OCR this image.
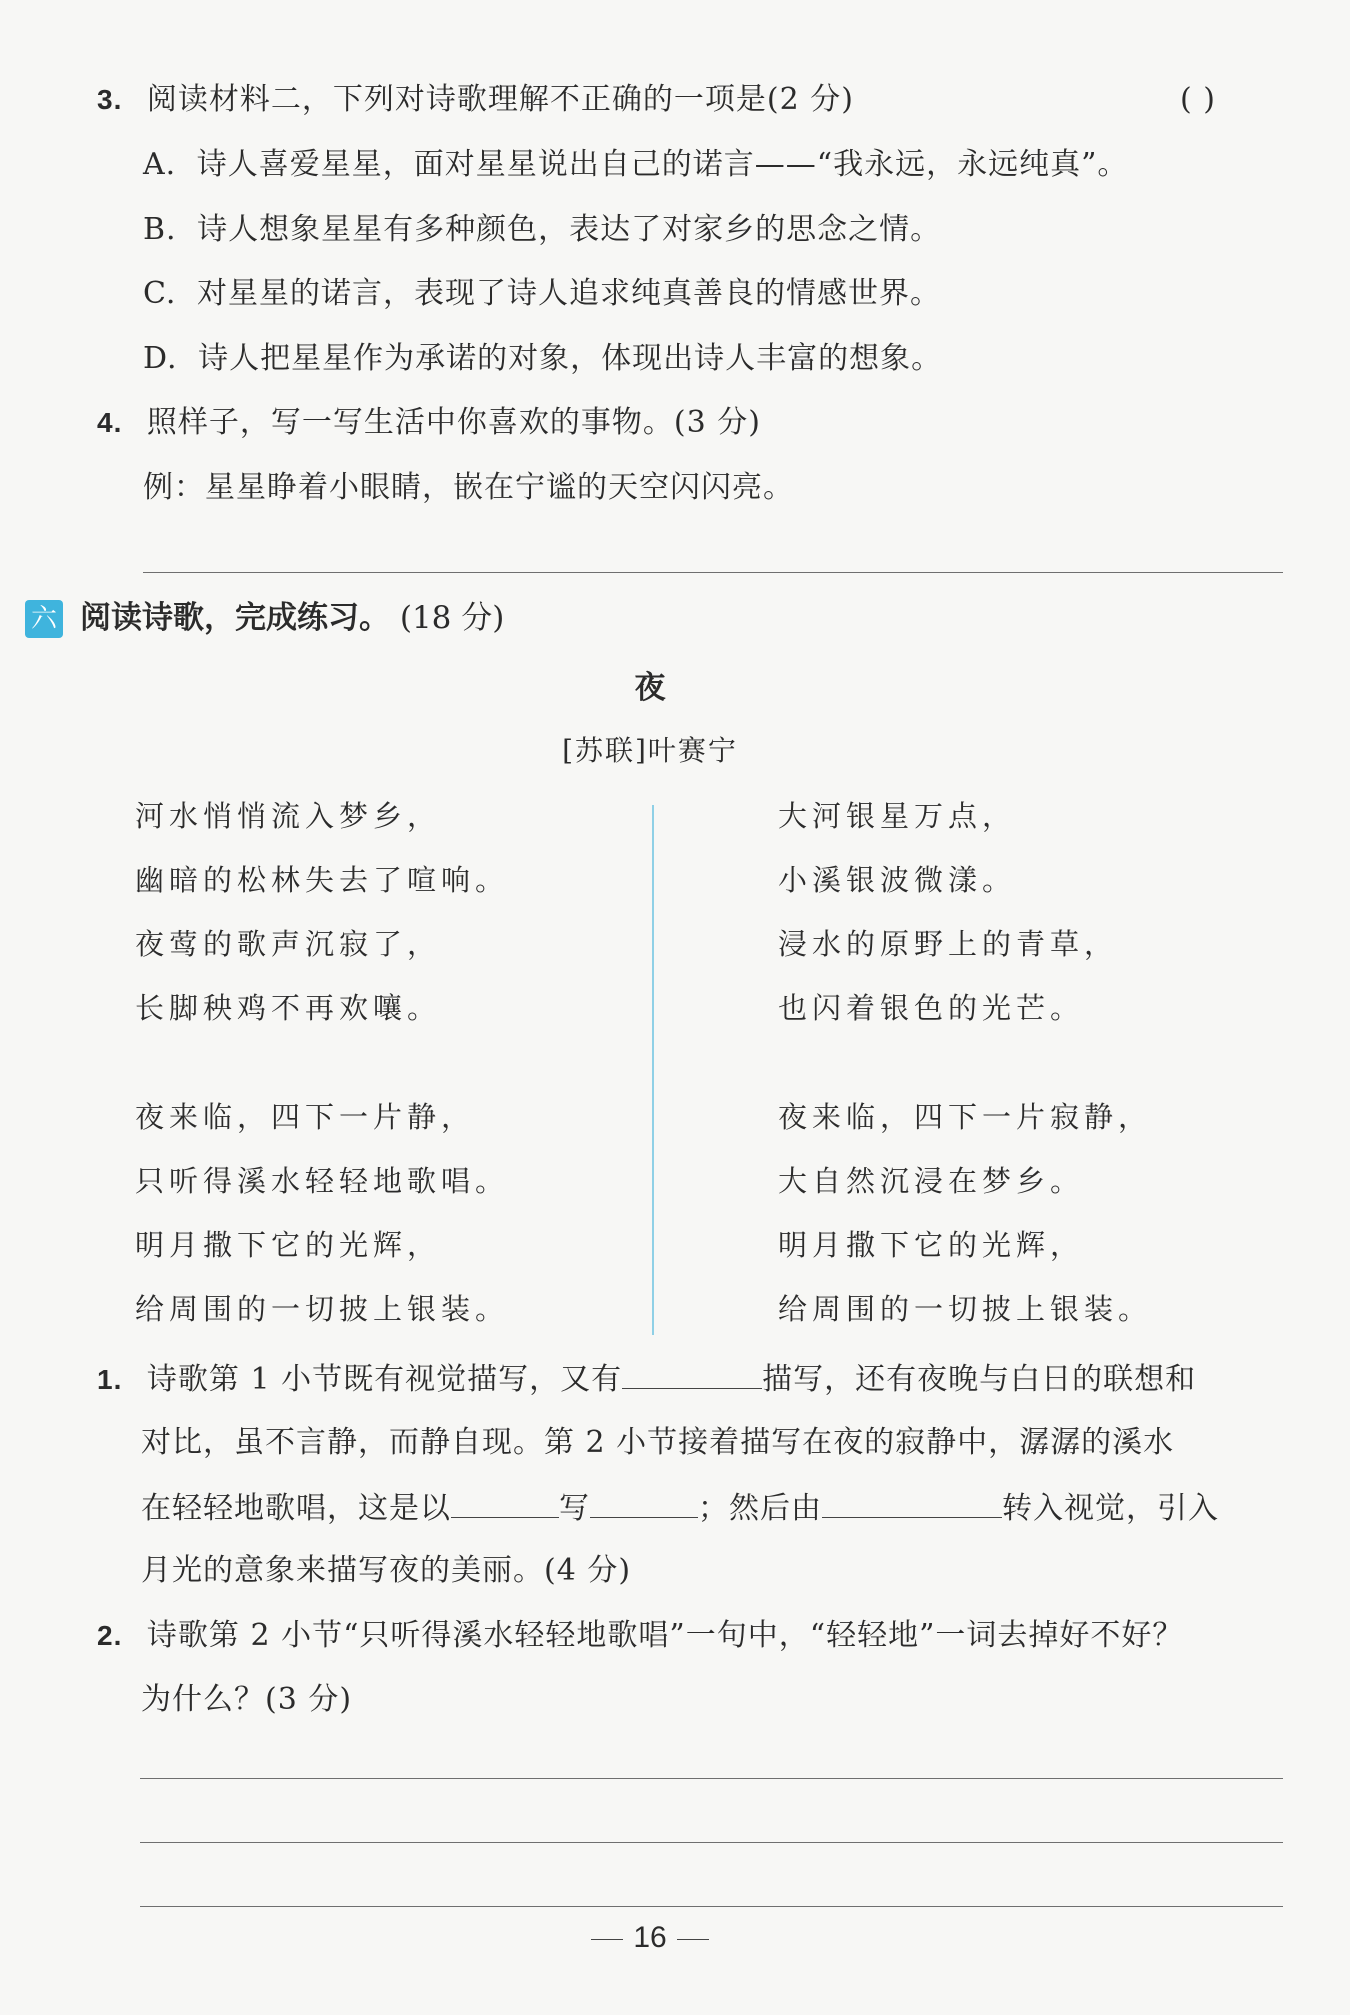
3. 阅读材料二，下列对诗歌理解不正确的一项是(2 分)	( )
A. 诗人喜爱星星，面对星星说出自己的诺言——“我永远，永远纯真”。
B. 诗人想象星星有多种颜色，表达了对家乡的思念之情。
C. 对星星的诺言，表现了诗人追求纯真善良的情感世界。
D. 诗人把星星作为承诺的对象，体现出诗人丰富的想象。
4. 照样子，写一写生活中你喜欢的事物。(3 分)
例：星星睁着小眼睛，嵌在宁谧的天空闪闪亮。
六 阅读诗歌，完成练习。 (18 分)
夜
[苏联]叶赛宁
河水悄悄流入梦乡，
幽暗的松林失去了喧响。
夜莺的歌声沉寂了，
长脚秧鸡不再欢嚷。
夜来临，四下一片静，
只听得溪水轻轻地歌唱。
明月撒下它的光辉，
给周围的一切披上银装。
大河银星万点，
小溪银波微漾。
浸水的原野上的青草，
也闪着银色的光芒。
夜来临，四下一片寂静，
大自然沉浸在梦乡。
明月撒下它的光辉，
给周围的一切披上银装。
1. 诗歌第 1 小节既有视觉描写，又有	描写，还有夜晚与白日的联想和
对比，虽不言静，而静自现。第 2 小节接着描写在夜的寂静中，潺潺的溪水
在轻轻地歌唱，这是以	写	；然后由	转入视觉，引入
月光的意象来描写夜的美丽。(4 分)
2. 诗歌第 2 小节“只听得溪水轻轻地歌唱”一句中，“轻轻地”一词去掉好不好？
为什么？(3 分)
16
